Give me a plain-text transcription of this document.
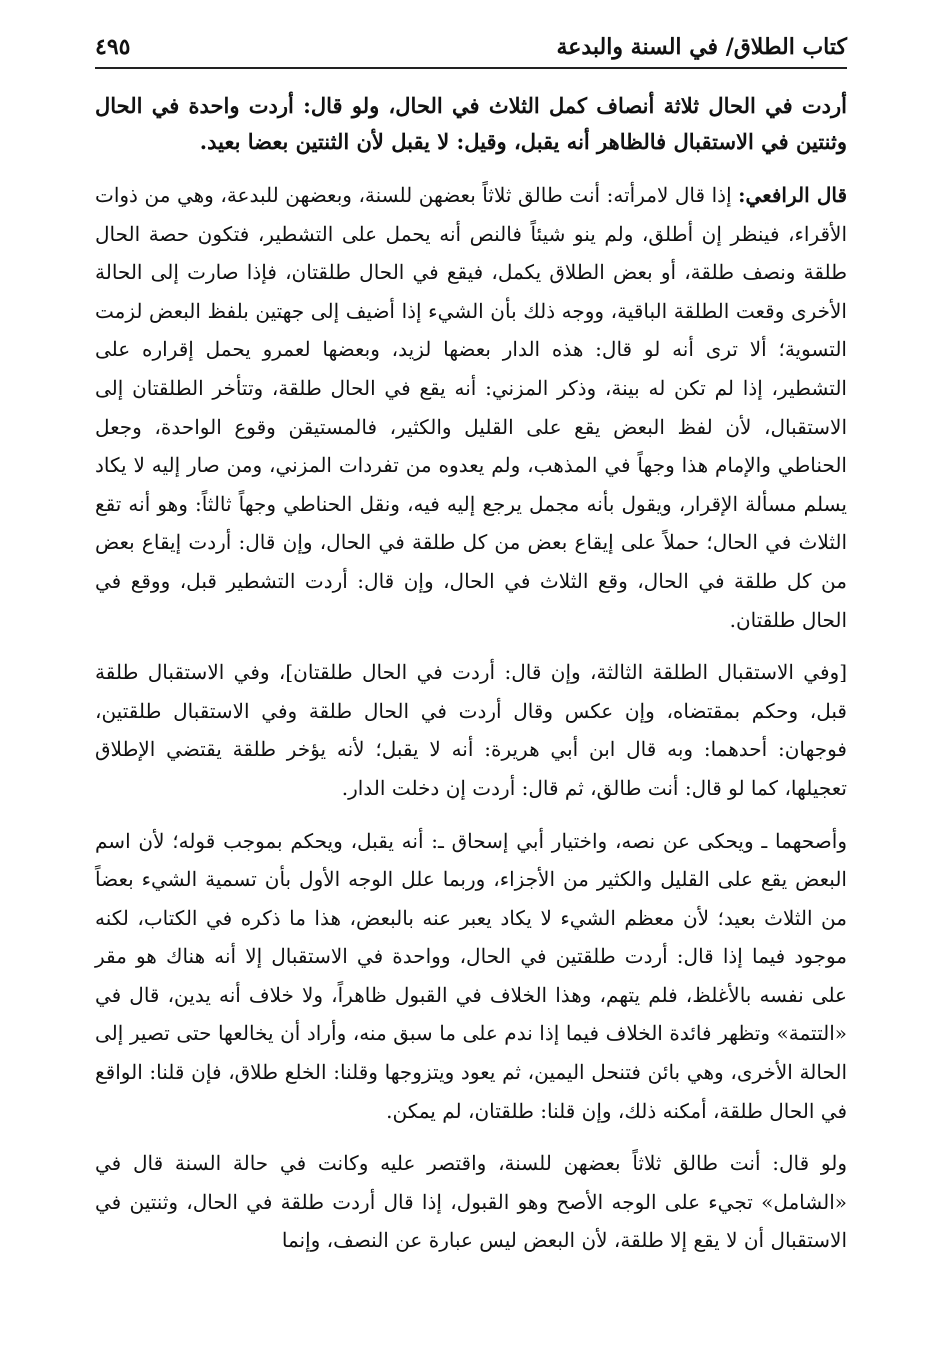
كتاب الطلاق/ في السنة والبدعة
٤٩٥

أردت في الحال ثلاثة أنصاف كمل الثلاث في الحال، ولو قال: أردت واحدة في الحال وثنتين في الاستقبال فالظاهر أنه يقبل، وقيل: لا يقبل لأن الثنتين بعضا بعيد.

قال الرافعي: إذا قال لامرأته: أنت طالق ثلاثاً بعضهن للسنة، وبعضهن للبدعة، وهي من ذوات الأقراء، فينظر إن أطلق، ولم ينو شيئاً فالنص أنه يحمل على التشطير، فتكون حصة الحال طلقة ونصف طلقة، أو بعض الطلاق يكمل، فيقع في الحال طلقتان، فإذا صارت إلى الحالة الأخرى وقعت الطلقة الباقية، ووجه ذلك بأن الشيء إذا أضيف إلى جهتين بلفظ البعض لزمت التسوية؛ ألا ترى أنه لو قال: هذه الدار بعضها لزيد، وبعضها لعمرو يحمل إقراره على التشطير، إذا لم تكن له بينة، وذكر المزني: أنه يقع في الحال طلقة، وتتأخر الطلقتان إلى الاستقبال، لأن لفظ البعض يقع على القليل والكثير، فالمستيقن وقوع الواحدة، وجعل الحناطي والإمام هذا وجهاً في المذهب، ولم يعدوه من تفردات المزني، ومن صار إليه لا يكاد يسلم مسألة الإقرار، ويقول بأنه مجمل يرجع إليه فيه، ونقل الحناطي وجهاً ثالثاً: وهو أنه تقع الثلاث في الحال؛ حملاً على إيقاع بعض من كل طلقة في الحال، وإن قال: أردت إيقاع بعض من كل طلقة في الحال، وقع الثلاث في الحال، وإن قال: أردت التشطير قبل، ووقع في الحال طلقتان.

[وفي الاستقبال الطلقة الثالثة، وإن قال: أردت في الحال طلقتان]، وفي الاستقبال طلقة قبل، وحكم بمقتضاه، وإن عكس وقال أردت في الحال طلقة وفي الاستقبال طلقتين، فوجهان: أحدهما: وبه قال ابن أبي هريرة: أنه لا يقبل؛ لأنه يؤخر طلقة يقتضي الإطلاق تعجيلها، كما لو قال: أنت طالق، ثم قال: أردت إن دخلت الدار.

وأصحهما ـ ويحكى عن نصه، واختيار أبي إسحاق ـ: أنه يقبل، ويحكم بموجب قوله؛ لأن اسم البعض يقع على القليل والكثير من الأجزاء، وربما علل الوجه الأول بأن تسمية الشيء بعضاً من الثلاث بعيد؛ لأن معظم الشيء لا يكاد يعبر عنه بالبعض، هذا ما ذكره في الكتاب، لكنه موجود فيما إذا قال: أردت طلقتين في الحال، وواحدة في الاستقبال إلا أنه هناك هو مقر على نفسه بالأغلظ، فلم يتهم، وهذا الخلاف في القبول ظاهراً، ولا خلاف أنه يدين، قال في «التتمة» وتظهر فائدة الخلاف فيما إذا ندم على ما سبق منه، وأراد أن يخالعها حتى تصير إلى الحالة الأخرى، وهي بائن فتنحل اليمين، ثم يعود ويتزوجها وقلنا: الخلع طلاق، فإن قلنا: الواقع في الحال طلقة، أمكنه ذلك، وإن قلنا: طلقتان، لم يمكن.

ولو قال: أنت طالق ثلاثاً بعضهن للسنة، واقتصر عليه وكانت في حالة السنة قال في «الشامل» تجيء على الوجه الأصح وهو القبول، إذا قال أردت طلقة في الحال، وثنتين في الاستقبال أن لا يقع إلا طلقة، لأن البعض ليس عبارة عن النصف، وإنما
